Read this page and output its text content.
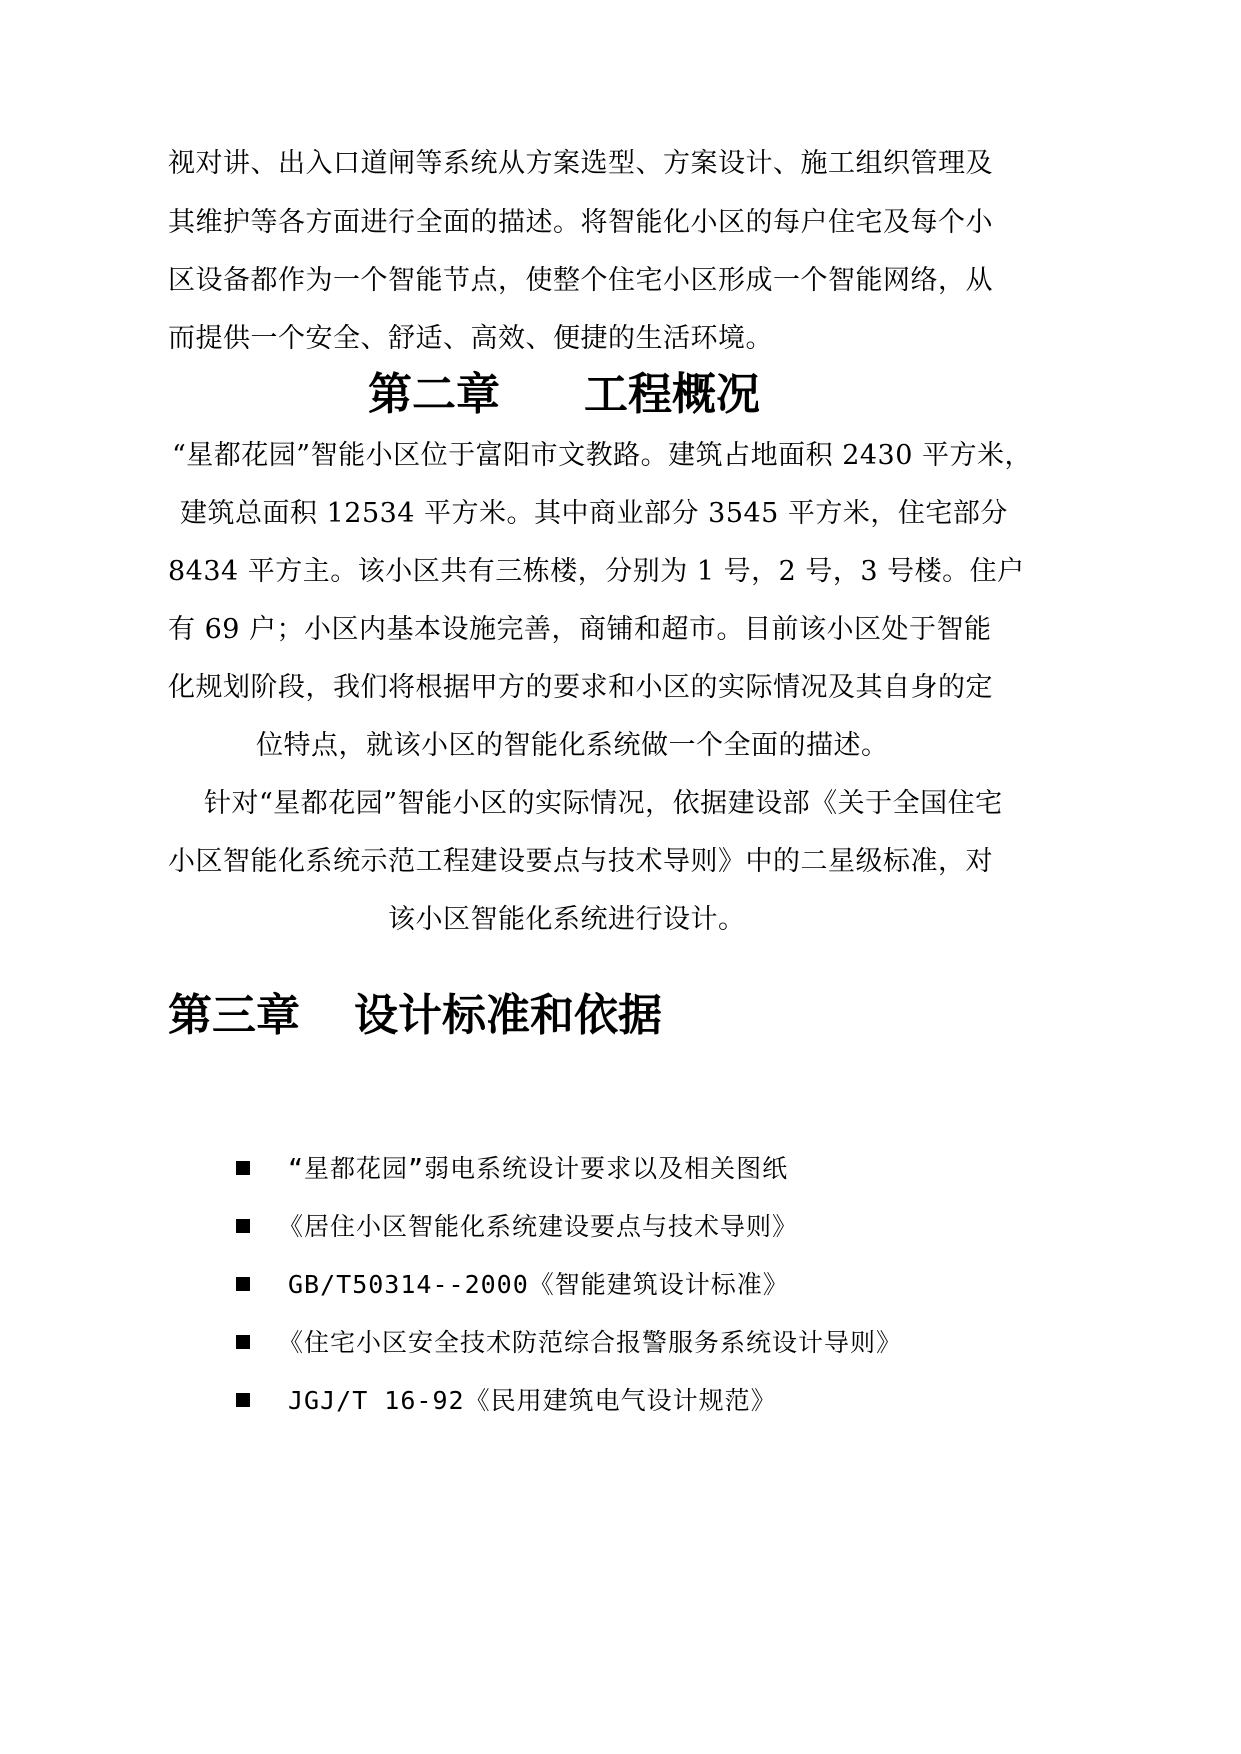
视对讲、出入口道闸等系统从方案选型、方案设计、施工组织管理及
其维护等各方面进行全面的描述。将智能化小区的每户住宅及每个小
区设备都作为一个智能节点，使整个住宅小区形成一个智能网络，从
而提供一个安全、舒适、高效、便捷的生活环境。
第二章 工程概况
“星都花园”智能小区位于富阳市文教路。建筑占地面积 2430 平方米，
建筑总面积 12534 平方米。其中商业部分 3545 平方米，住宅部分
8434 平方主。该小区共有三栋楼，分别为 1 号，2 号，3 号楼。住户
有 69 户；小区内基本设施完善，商铺和超市。目前该小区处于智能
化规划阶段，我们将根据甲方的要求和小区的实际情况及其自身的定
位特点，就该小区的智能化系统做一个全面的描述。
针对“星都花园”智能小区的实际情况，依据建设部《关于全国住宅
小区智能化系统示范工程建设要点与技术导则》中的二星级标准，对
该小区智能化系统进行设计。
第三章 设计标准和依据
“星都花园”弱电系统设计要求以及相关图纸
《居住小区智能化系统建设要点与技术导则》
GB/T50314--2000《智能建筑设计标准》
《住宅小区安全技术防范综合报警服务系统设计导则》
JGJ/T 16-92《民用建筑电气设计规范》
